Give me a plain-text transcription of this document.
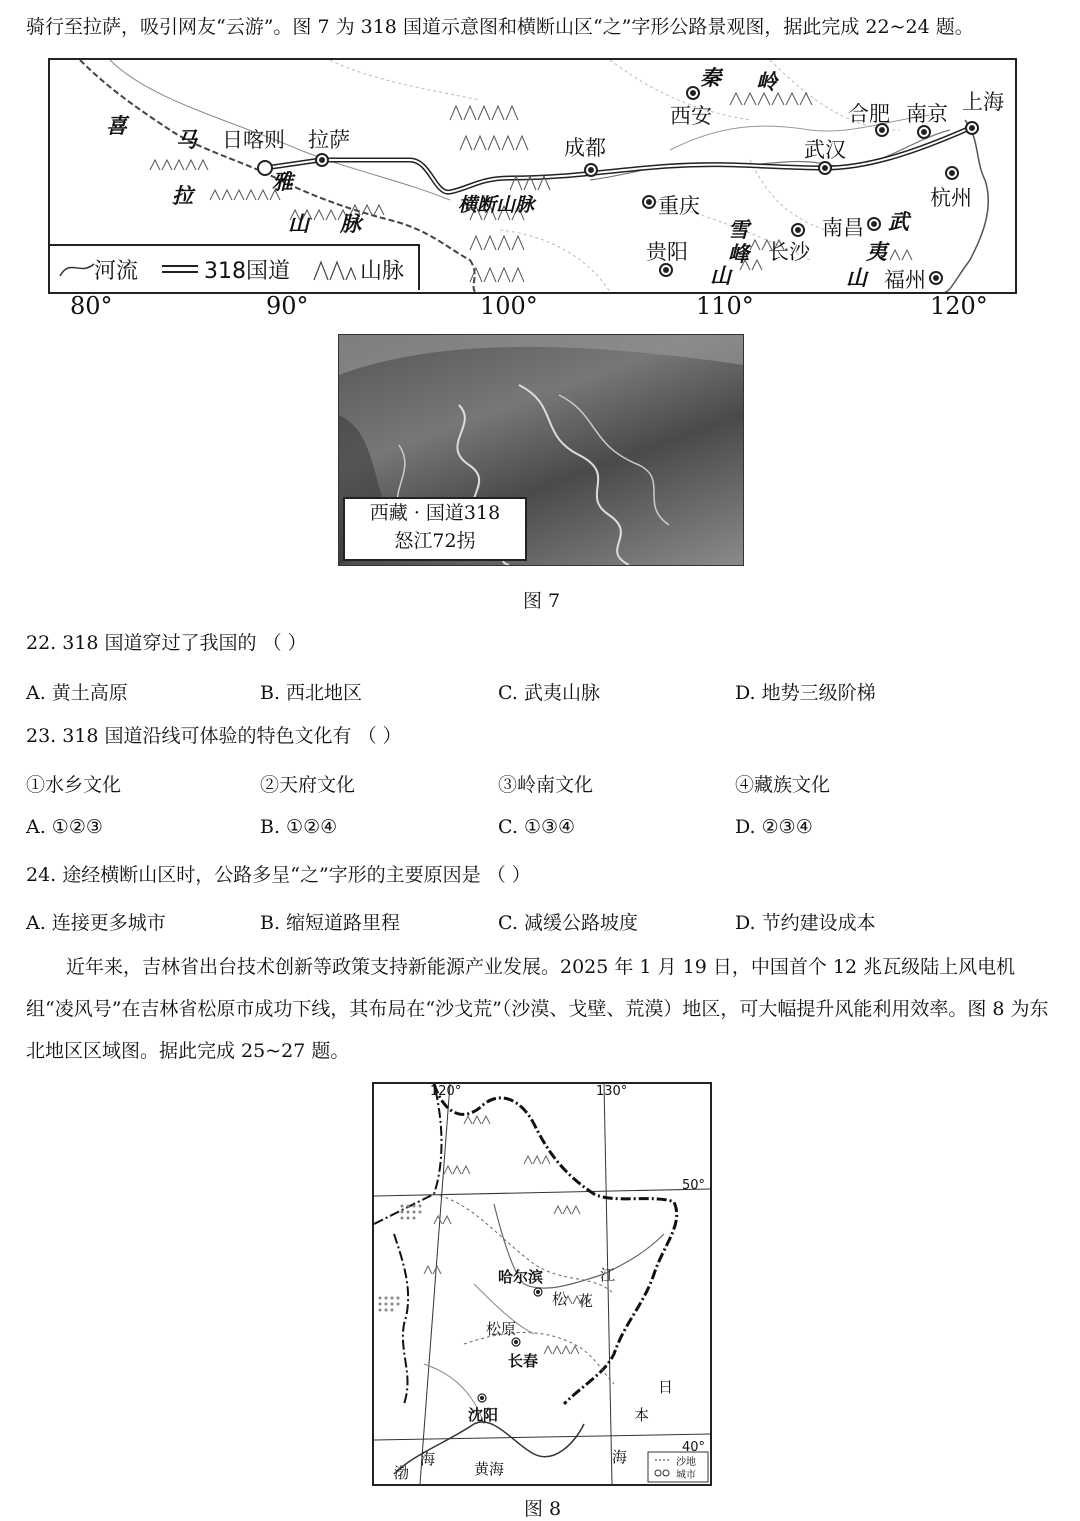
骑行至拉萨，吸引网友“云游”。图 7 为 318 国道示意图和横断山区“之”字形公路景观图，据此完成 22~24 题。
喜
马
拉
雅
山 脉
日喀则 拉萨
横断山脉
成都
秦 岭
西安	合肥 南京 上海
武汉
杭州
重庆
贵阳
雪
峰
山
长沙
南昌 武
夷
山 福州
河流	318国道	山脉
80°	90°	100°	110°	120°
西藏 · 国道318
怒江72拐
图 7
22. 318 国道穿过了我国的 （ ）
A. 黄土高原	B. 西北地区	C. 武夷山脉	D. 地势三级阶梯
23. 318 国道沿线可体验的特色文化有 （ ）
①水乡文化	②天府文化	③岭南文化	④藏族文化
A. ①②③	B. ①②④	C. ①③④	D. ②③④
24. 途经横断山区时，公路多呈“之”字形的主要原因是 （ ）
A. 连接更多城市	B. 缩短道路里程	C. 减缓公路坡度	D. 节约建设成本
近年来，吉林省出台技术创新等政策支持新能源产业发展。2025 年 1 月 19 日，中国首个 12 兆瓦级陆上风电机组“凌风号”在吉林省松原市成功下线，其布局在“沙戈荒”（沙漠、戈壁、荒漠）地区，可大幅提升风能利用效率。图 8 为东北地区区域图。据此完成 25~27 题。
120°	130°
50°
40°
哈尔滨
松 花
江
松原
长春
沈阳
日
本
海
渤
海
黄海	沙地
城市
图 8
